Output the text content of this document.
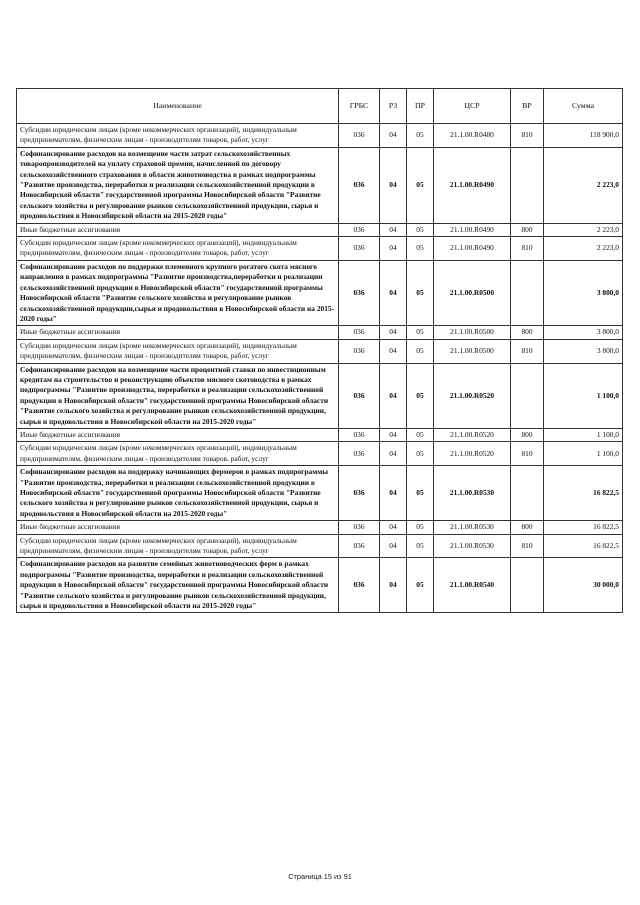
Наименование	ГРБС	РЗ	ПР	ЦСР	ВР	Сумма
Субсидии юридическим лицам (кроме некоммерческих организаций), индивидуальным предпринимателям, физическим лицам - производителям товаров, работ, услуг	036	04	05	21.1.00.R0480	810	118 900,0
Софинансирование расходов на возмещение части затрат сельскохозяйственных товаропроизводителей на уплату страховой премии, начисленной по договору сельскохозяйственного страхования в области животноводства в рамках подпрограммы "Развитие производства, переработки и реализации сельскохозяйственной продукции в Новосибирской области" государственной программы Новосибирской области "Развитие сельского хозяйства и регулирование рынков сельскохозяйственной продукции, сырья и продовольствия в Новосибирской области на 2015-2020 годы"	036	04	05	21.1.00.R0490		2 223,0
Иные бюджетные ассигнования	036	04	05	21.1.00.R0490	800	2 223,0
Субсидии юридическим лицам (кроме некоммерческих организаций), индивидуальным предпринимателям, физическим лицам - производителям товаров, работ, услуг	036	04	05	21.1.00.R0490	810	2 223,0
Софинансирование расходов по поддержке племенного крупного рогатого скота мясного направления в рамках подпрограммы "Развитие производства,переработки и реализации сельскохозяйственной продукции в Новосибирской области" государственной программы Новосибирской области "Развитие сельского хозяйства и регулирование рынков сельскохозяйственной продукции,сырья и продовольствия в Новосибирской области на 2015-2020 годы"	036	04	05	21.1.00.R0500		3 800,0
Иные бюджетные ассигнования	036	04	05	21.1.00.R0500	800	3 800,0
Субсидии юридическим лицам (кроме некоммерческих организаций), индивидуальным предпринимателям, физическим лицам - производителям товаров, работ, услуг	036	04	05	21.1.00.R0500	810	3 800,0
Софинансирование расходов на возмещение части процентной ставки по инвестиционным кредитам на строительство и реконструкцию объектов мясного скотоводства в рамках подпрограммы "Развитие производства, переработки и реализации сельскохозяйственной продукции в Новосибирской области" государственной программы Новосибирской области "Развитие сельского хозяйства и регулирование рынков сельскохозяйственной продукции, сырья и продовольствия в Новосибирской области на 2015-2020 годы"	036	04	05	21.1.00.R0520		1 100,0
Иные бюджетные ассигнования	036	04	05	21.1.00.R0520	800	1 100,0
Субсидии юридическим лицам (кроме некоммерческих организаций), индивидуальным предпринимателям, физическим лицам - производителям товаров, работ, услуг	036	04	05	21.1.00.R0520	810	1 100,0
Софинансирование расходов на поддержку начинающих фермеров в рамках подпрограммы "Развитие производства, переработки и реализации сельскохозяйственной продукции в Новосибирской области" государственной программы Новосибирской области "Развитие сельского хозяйства и регулирование рынков сельскохозяйственной продукции, сырья и продовольствия в Новосибирской области на 2015-2020 годы"	036	04	05	21.1.00.R0530		16 822,5
Иные бюджетные ассигнования	036	04	05	21.1.00.R0530	800	16 822,5
Субсидии юридическим лицам (кроме некоммерческих организаций), индивидуальным предпринимателям, физическим лицам - производителям товаров, работ, услуг	036	04	05	21.1.00.R0530	810	16 822,5
Софинансирование расходов на развитие семейных животноводческих ферм в рамках подпрограммы "Развитие производства, переработки и реализации сельскохозяйственной продукции в Новосибирской области" государственной программы Новосибирской области "Развитие сельского хозяйства и регулирование рынков сельскохозяйственной продукции, сырья и продовольствия в Новосибирской области на 2015-2020 годы"	036	04	05	21.1.00.R0540		30 000,0
Страница 15 из 91
